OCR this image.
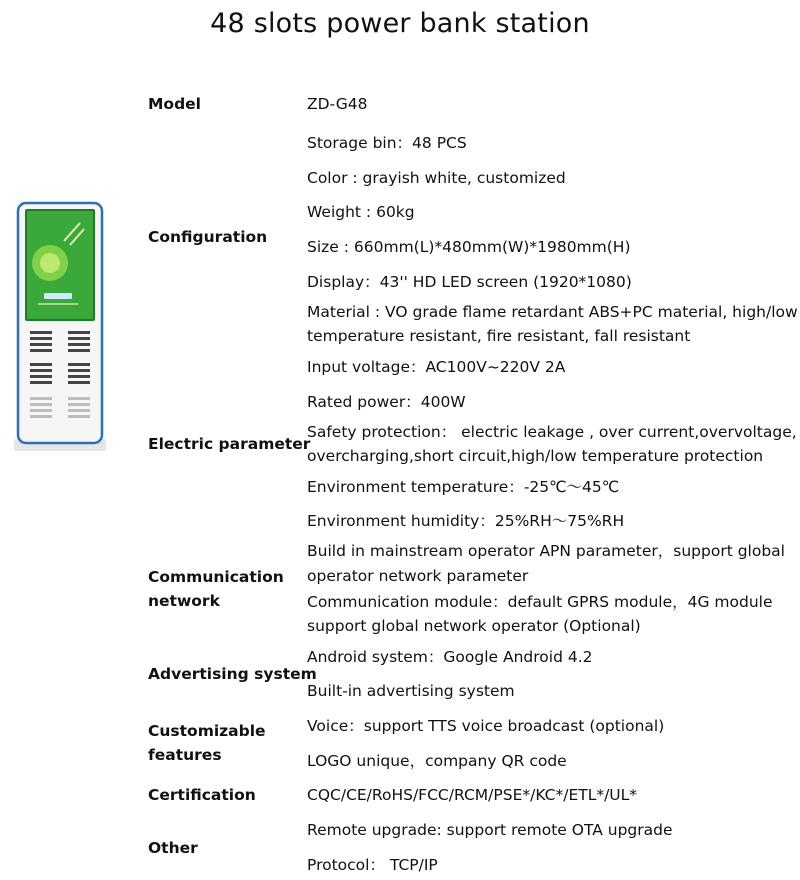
48 slots power bank station
Model	ZD-G48
Configuration
Storage bin：48 PCS
Color : grayish white, customized
Weight : 60kg
Size : 660mm(L)*480mm(W)*1980mm(H)
Display：43'' HD LED screen (1920*1080)
Material : VO grade flame retardant ABS+PC material, high/low
temperature resistant, fire resistant, fall resistant
Electric parameter
Input voltage：AC100V~220V 2A
Rated power：400W
Safety protection： electric leakage , over current,overvoltage,
overcharging,short circuit,high/low temperature protection
Environment temperature：-25℃～45℃
Environment humidity：25%RH～75%RH
Communication
network
Build in mainstream operator APN parameter，support global
operator network parameter
Communication module：default GPRS module，4G module
support global network operator (Optional)
Advertising system
Android system：Google Android 4.2
Built-in advertising system
Customizable
features
Voice：support TTS voice broadcast (optional)
LOGO unique，company QR code
Certification	CQC/CE/RoHS/FCC/RCM/PSE*/KC*/ETL*/UL*
Other
Remote upgrade: support remote OTA upgrade
Protocol： TCP/IP
